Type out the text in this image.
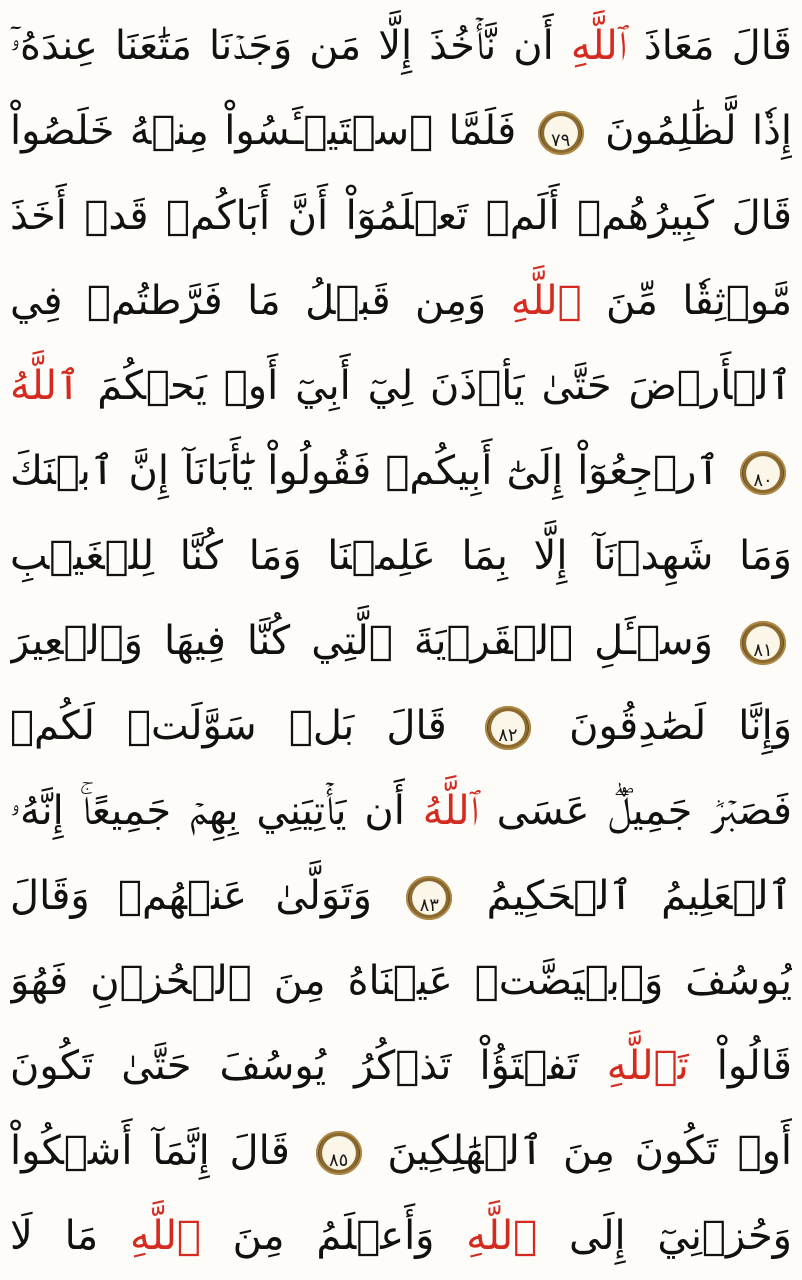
قَالَ مَعَاذَ ٱللَّهِ أَن نَّأۡخُذَ إِلَّا مَن وَجَدۡنَا مَتَٰعَنَا عِندَهُۥٓ
إِذٗا لَّظَٰلِمُونَ ٧٩ فَلَمَّا ٱسۡتَيۡـَٔسُواْ مِنۡهُ خَلَصُواْ
قَالَ كَبِيرُهُمۡ أَلَمۡ تَعۡلَمُوٓاْ أَنَّ أَبَاكُمۡ قَدۡ أَخَذَ
مَّوۡثِقٗا مِّنَ ٱللَّهِ وَمِن قَبۡلُ مَا فَرَّطتُمۡ فِي
ٱلۡأَرۡضَ حَتَّىٰ يَأۡذَنَ لِيٓ أَبِيٓ أَوۡ يَحۡكُمَ ٱللَّهُ
٨٠ ٱرۡجِعُوٓاْ إِلَىٰٓ أَبِيكُمۡ فَقُولُواْ يَٰٓأَبَانَآ إِنَّ ٱبۡنَكَ
وَمَا شَهِدۡنَآ إِلَّا بِمَا عَلِمۡنَا وَمَا كُنَّا لِلۡغَيۡبِ
٨١ وَسۡـَٔلِ ٱلۡقَرۡيَةَ ٱلَّتِي كُنَّا فِيهَا وَٱلۡعِيرَ
وَإِنَّا لَصَٰدِقُونَ ٨٢ قَالَ بَلۡ سَوَّلَتۡ لَكُمۡ
فَصَبۡرٞ جَمِيلٌۖ عَسَى ٱللَّهُ أَن يَأۡتِيَنِي بِهِمۡ جَمِيعًاۚ إِنَّهُۥ
ٱلۡعَلِيمُ ٱلۡحَكِيمُ ٨٣ وَتَوَلَّىٰ عَنۡهُمۡ وَقَالَ
يُوسُفَ وَٱبۡيَضَّتۡ عَيۡنَاهُ مِنَ ٱلۡحُزۡنِ فَهُوَ
قَالُواْ تَٱللَّهِ تَفۡتَؤُاْ تَذۡكُرُ يُوسُفَ حَتَّىٰ تَكُونَ
أَوۡ تَكُونَ مِنَ ٱلۡهَٰلِكِينَ ٨٥ قَالَ إِنَّمَآ أَشۡكُواْ
وَحُزۡنِيٓ إِلَى ٱللَّهِ وَأَعۡلَمُ مِنَ ٱللَّهِ مَا لَا
